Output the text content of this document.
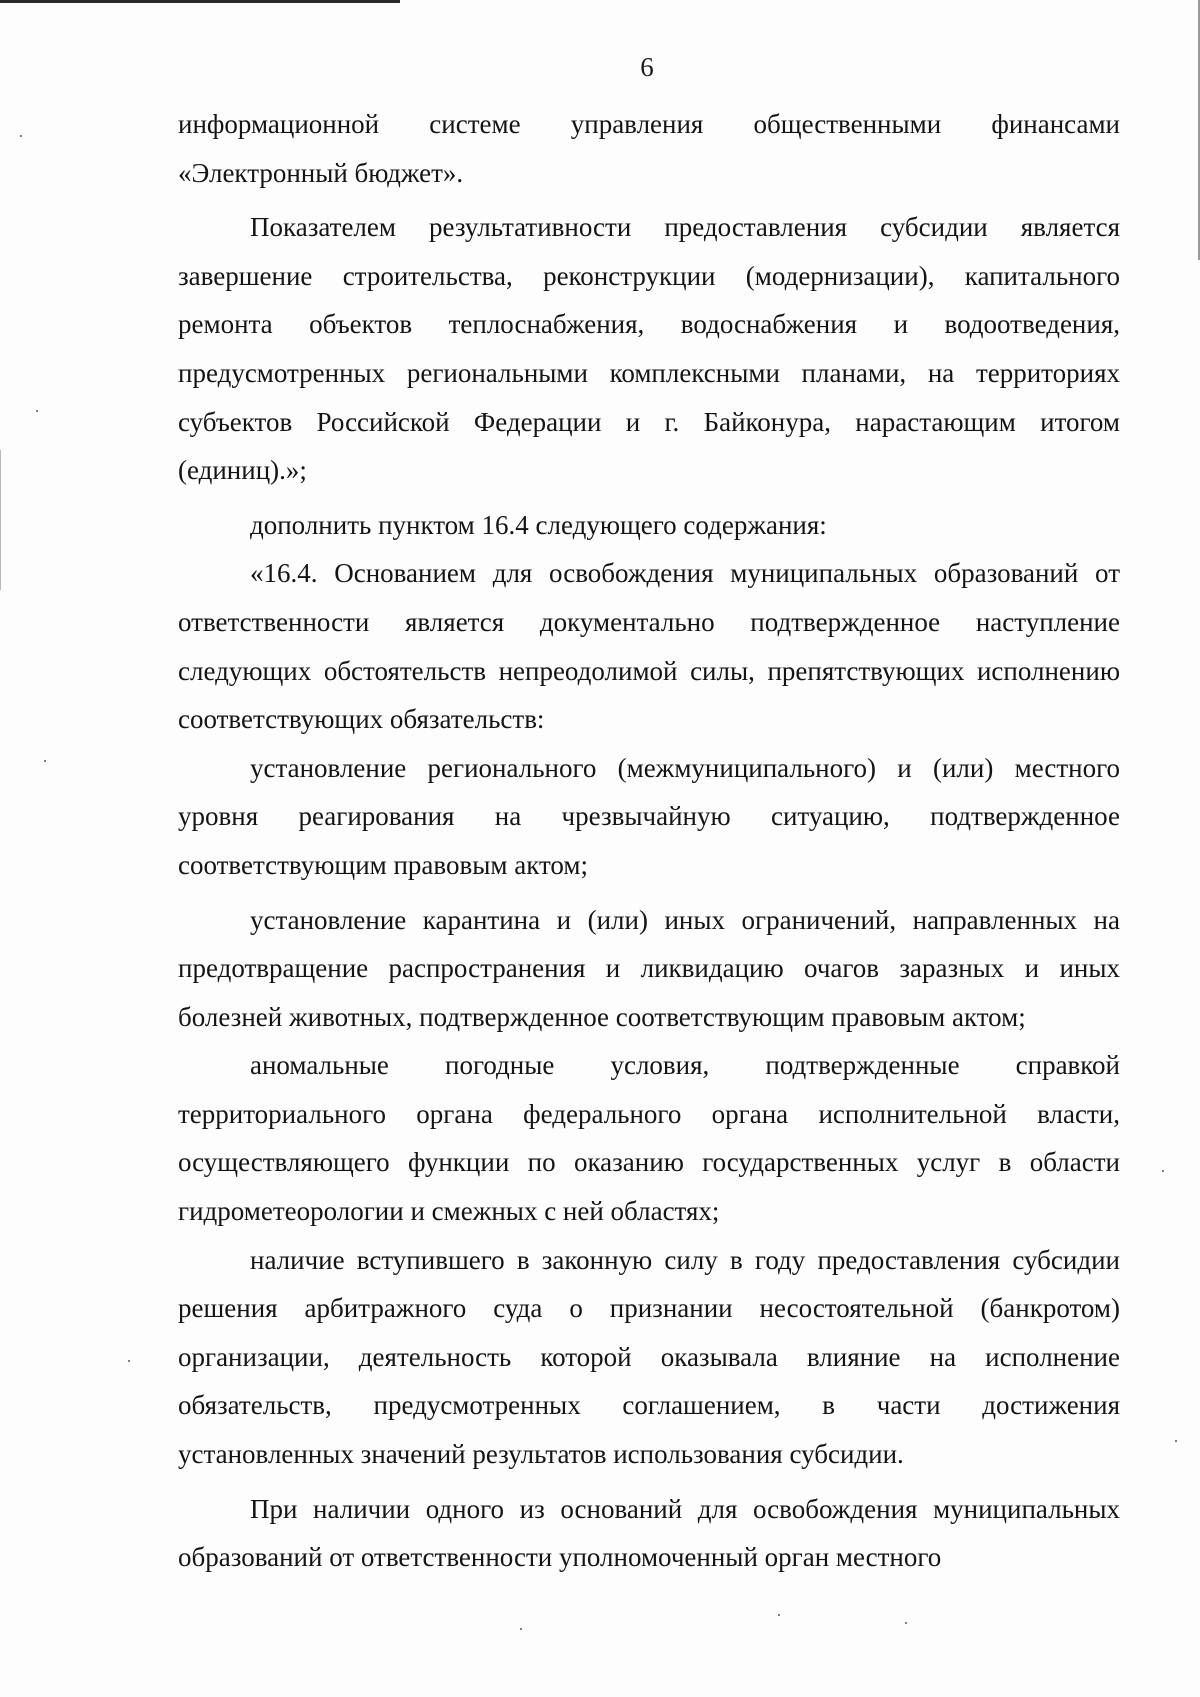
6

информационной системе управления общественными финансами «Электронный бюджет».

Показателем результативности предоставления субсидии является завершение строительства, реконструкции (модернизации), капитального ремонта объектов теплоснабжения, водоснабжения и водоотведения, предусмотренных региональными комплексными планами, на территориях субъектов Российской Федерации и г. Байконура, нарастающим итогом (единиц).»;

дополнить пунктом 16.4 следующего содержания:

«16.4. Основанием для освобождения муниципальных образований от ответственности является документально подтвержденное наступление следующих обстоятельств непреодолимой силы, препятствующих исполнению соответствующих обязательств:

установление регионального (межмуниципального) и (или) местного уровня реагирования на чрезвычайную ситуацию, подтвержденное соответствующим правовым актом;

установление карантина и (или) иных ограничений, направленных на предотвращение распространения и ликвидацию очагов заразных и иных болезней животных, подтвержденное соответствующим правовым актом;

аномальные погодные условия, подтвержденные справкой территориального органа федерального органа исполнительной власти, осуществляющего функции по оказанию государственных услуг в области гидрометеорологии и смежных с ней областях;

наличие вступившего в законную силу в году предоставления субсидии решения арбитражного суда о признании несостоятельной (банкротом) организации, деятельность которой оказывала влияние на исполнение обязательств, предусмотренных соглашением, в части достижения установленных значений результатов использования субсидии.

При наличии одного из оснований для освобождения муниципальных образований от ответственности уполномоченный орган местного
